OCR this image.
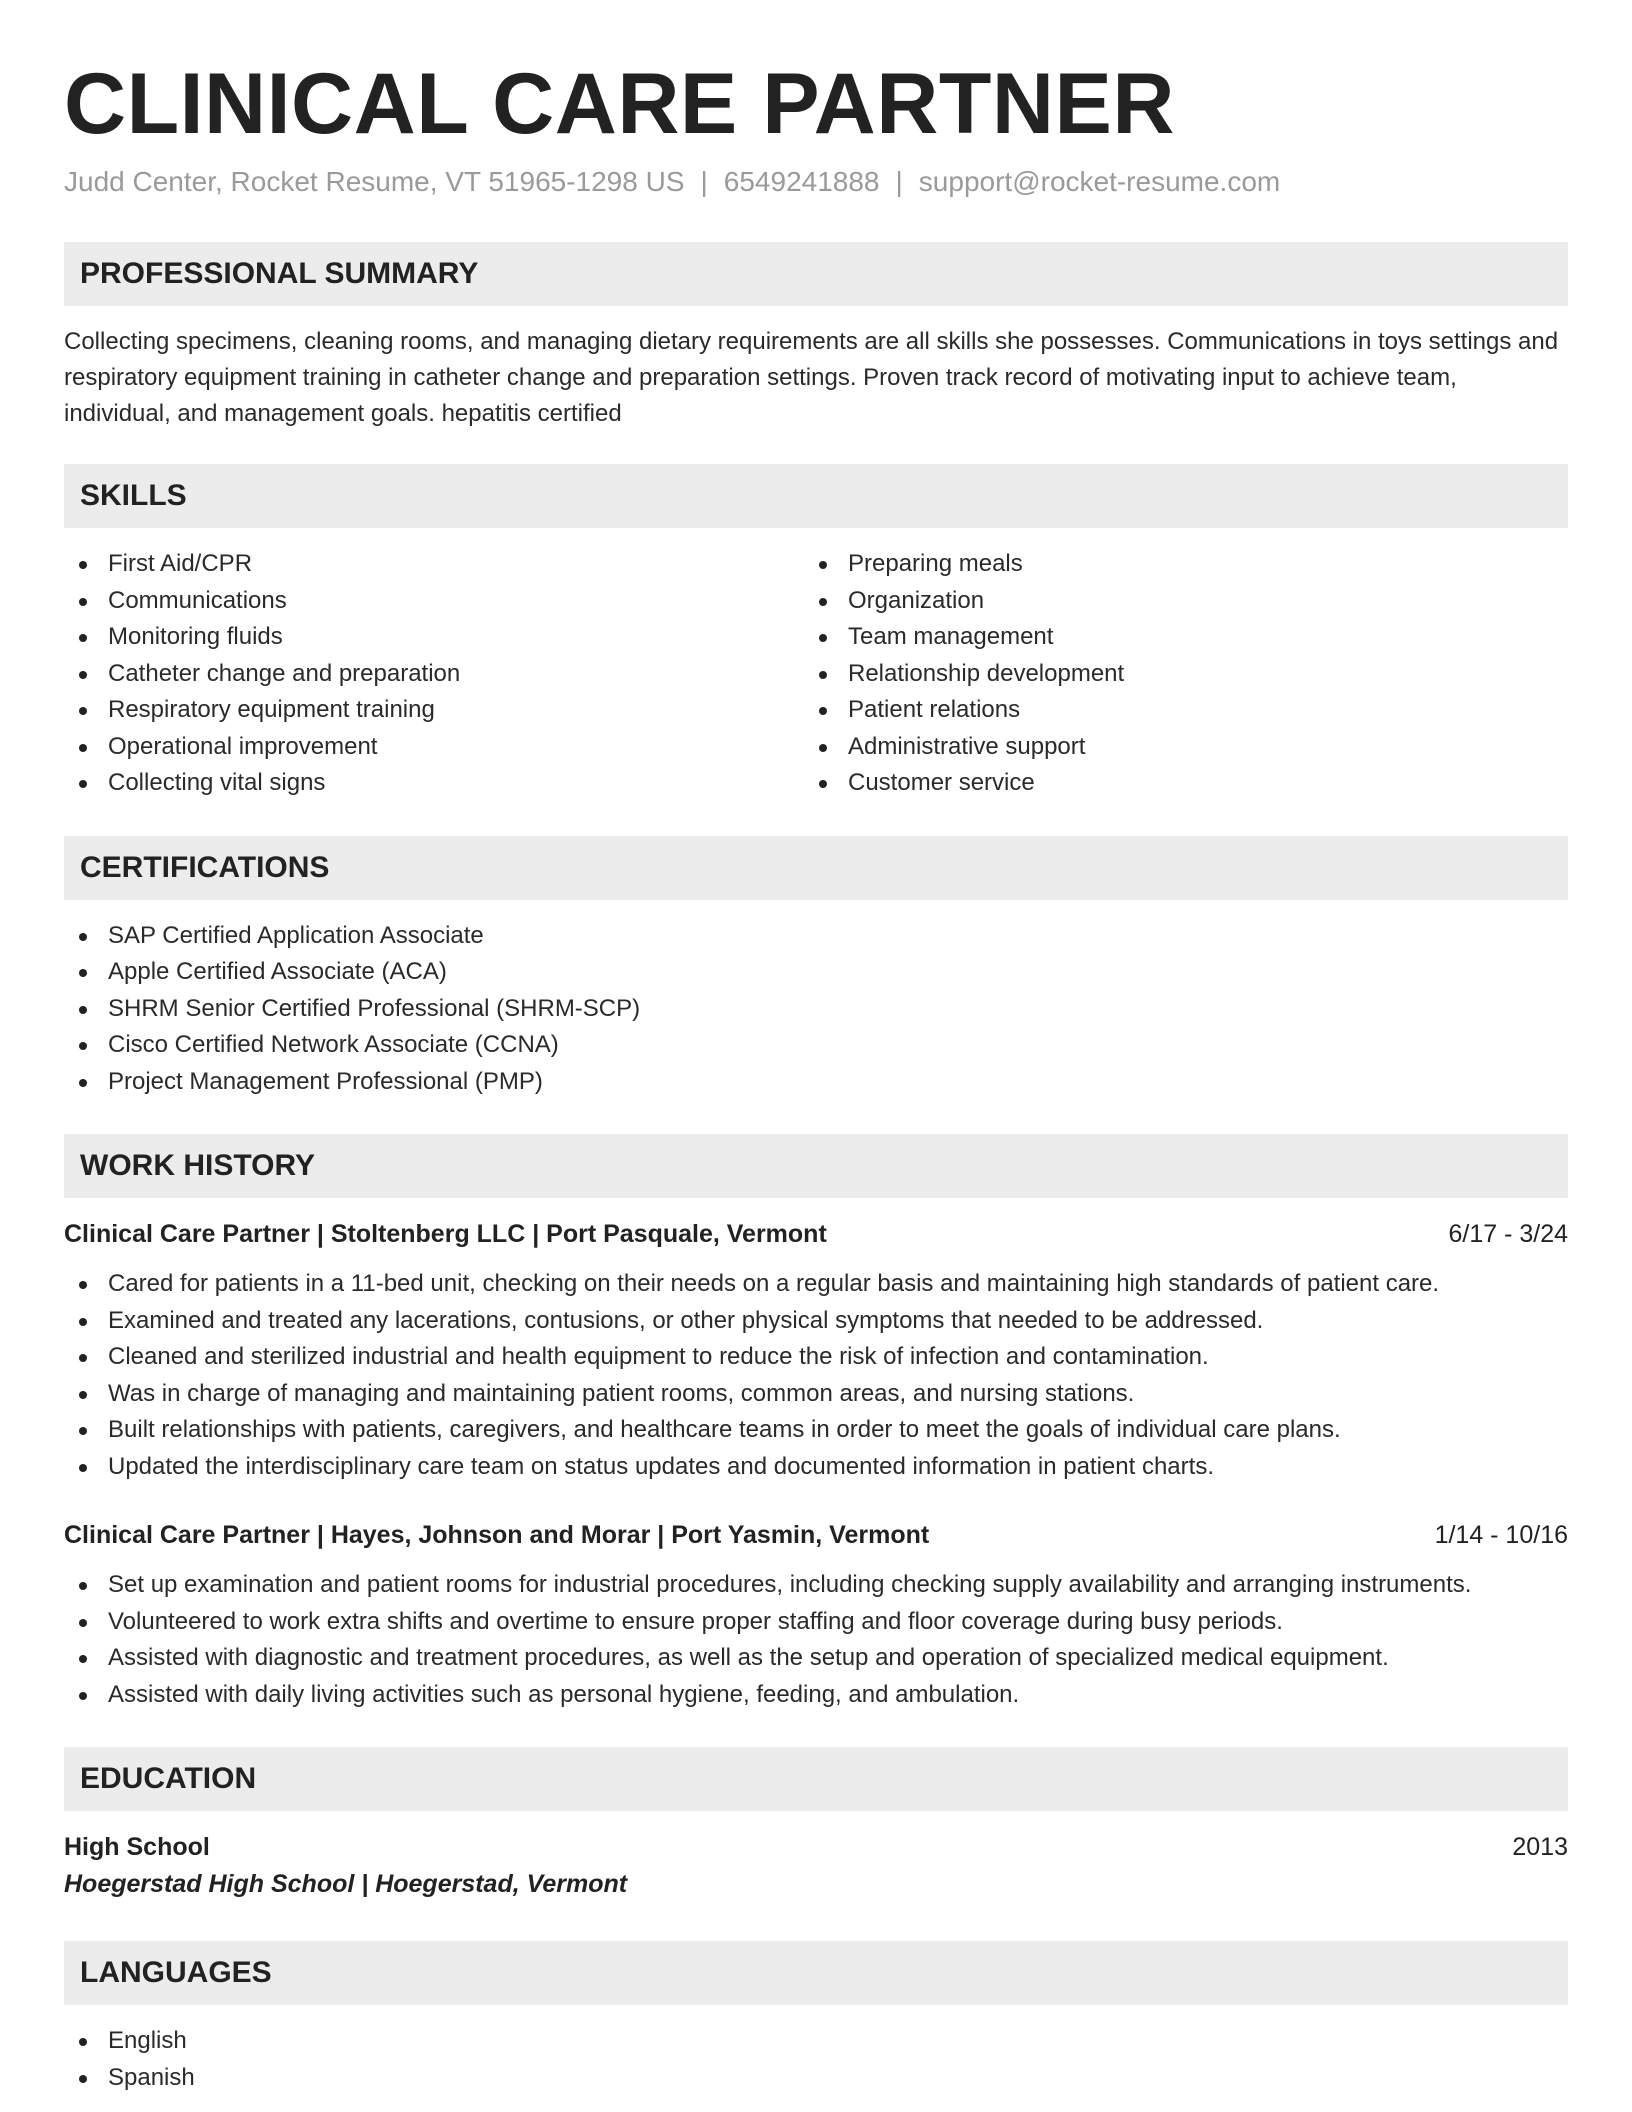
CLINICAL CARE PARTNER
Judd Center, Rocket Resume, VT 51965-1298 US | 6549241888 | support@rocket-resume.com
PROFESSIONAL SUMMARY

Collecting specimens, cleaning rooms, and managing dietary requirements are all skills she possesses. Communications in toys settings and respiratory equipment training in catheter change and preparation settings. Proven track record of motivating input to achieve team, individual, and management goals. hepatitis certified

SKILLS
First Aid/CPR
Communications
Monitoring fluids
Catheter change and preparation
Respiratory equipment training
Operational improvement
Collecting vital signs
Preparing meals
Organization
Team management
Relationship development
Patient relations
Administrative support
Customer service
CERTIFICATIONS
SAP Certified Application Associate
Apple Certified Associate (ACA)
SHRM Senior Certified Professional (SHRM-SCP)
Cisco Certified Network Associate (CCNA)
Project Management Professional (PMP)
WORK HISTORY
Clinical Care Partner | Stoltenberg LLC | Port Pasquale, Vermont	6/17 - 3/24
Cared for patients in a 11-bed unit, checking on their needs on a regular basis and maintaining high standards of patient care.
Examined and treated any lacerations, contusions, or other physical symptoms that needed to be addressed.
Cleaned and sterilized industrial and health equipment to reduce the risk of infection and contamination.
Was in charge of managing and maintaining patient rooms, common areas, and nursing stations.
Built relationships with patients, caregivers, and healthcare teams in order to meet the goals of individual care plans.
Updated the interdisciplinary care team on status updates and documented information in patient charts.
Clinical Care Partner | Hayes, Johnson and Morar | Port Yasmin, Vermont	1/14 - 10/16
Set up examination and patient rooms for industrial procedures, including checking supply availability and arranging instruments.
Volunteered to work extra shifts and overtime to ensure proper staffing and floor coverage during busy periods.
Assisted with diagnostic and treatment procedures, as well as the setup and operation of specialized medical equipment.
Assisted with daily living activities such as personal hygiene, feeding, and ambulation.
EDUCATION
High School	2013
Hoegerstad High School | Hoegerstad, Vermont
LANGUAGES
English
Spanish
